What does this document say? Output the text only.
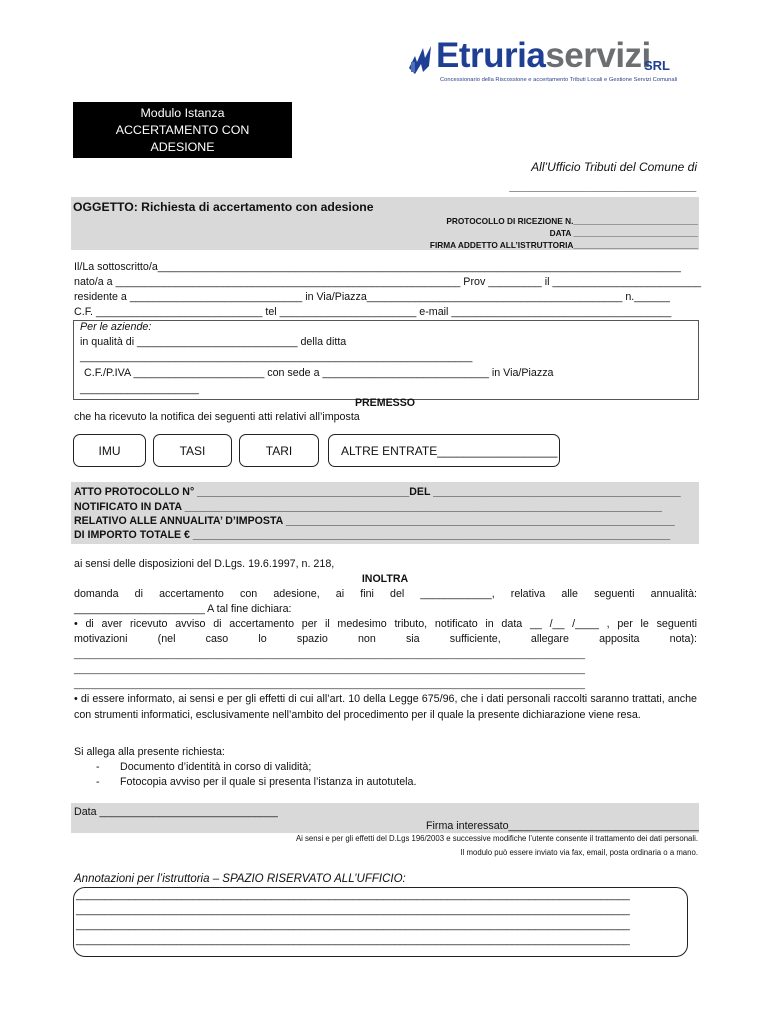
Etruriaservizi
SRL
Concessionario della Riscossione e accertamento Tributi Locali e Gestione Servizi Comunali
Modulo Istanza
ACCERTAMENTO CON
ADESIONE
All’Ufficio Tributi del Comune di
____________________________
OGGETTO: Richiesta di accertamento con adesione
PROTOCOLLO DI RICEZIONE N.___________________________
DATA ___________________________
FIRMA ADDETTO ALL’ISTRUTTORIA___________________________
Il/La sottoscritto/a________________________________________________________________________________________
nato/a a __________________________________________________________ Prov _________ il _________________________
residente a _____________________________ in Via/Piazza___________________________________________ n.______
C.F. ____________________________ tel _______________________ e-mail _____________________________________
Per le aziende:
in qualità di ___________________________ della ditta
__________________________________________________________________
C.F./P.IVA ______________________ con sede a ____________________________ in Via/Piazza
____________________
PREMESSO
che ha ricevuto la notifica dei seguenti atti relativi all’imposta
IMU	TASI	TARI	ALTRE ENTRATE__________________
ATTO PROTOCOLLO N° ____________________________________DEL __________________________________________
NOTIFICATO IN DATA _________________________________________________________________________________
RELATIVO ALLE ANNUALITA’ D’IMPOSTA __________________________________________________________________
DI IMPORTO TOTALE € _________________________________________________________________________________
ai sensi delle disposizioni del D.Lgs. 19.6.1997, n. 218,
INOLTRA
domanda di accertamento con adesione, ai fini del ____________, relativa alle seguenti annualità:
______________________ A tal fine dichiara:
• di aver ricevuto avviso di accertamento per il medesimo tributo, notificato in data __ /__ /____ , per le seguenti
motivazioni (nel caso lo spazio non sia sufficiente, allegare apposita nota):
____________________________________________________________________________________________________
____________________________________________________________________________________________________
____________________________________________________________________________________________________
• di essere informato, ai sensi e per gli effetti di cui all’art. 10 della Legge 675/96, che i dati personali raccolti saranno trattati, anche con strumenti informatici, esclusivamente nell’ambito del procedimento per il quale la presente dichiarazione viene resa.
Si allega alla presente richiesta:
- Documento d’identità in corso di validità;
- Fotocopia avviso per il quale si presenta l’istanza in autotutela.
Data ______________________________
Firma interessato________________________________
Ai sensi e per gli effetti del D.Lgs 196/2003 e successive modifiche l’utente consente il trattamento dei dati personali.
Il modulo può essere inviato via fax, email, posta ordinaria o a mano.
Annotazioni per l’istruttoria – SPAZIO RISERVATO ALL’UFFICIO:
______________________________________________________________________________________________
______________________________________________________________________________________________
______________________________________________________________________________________________
______________________________________________________________________________________________
